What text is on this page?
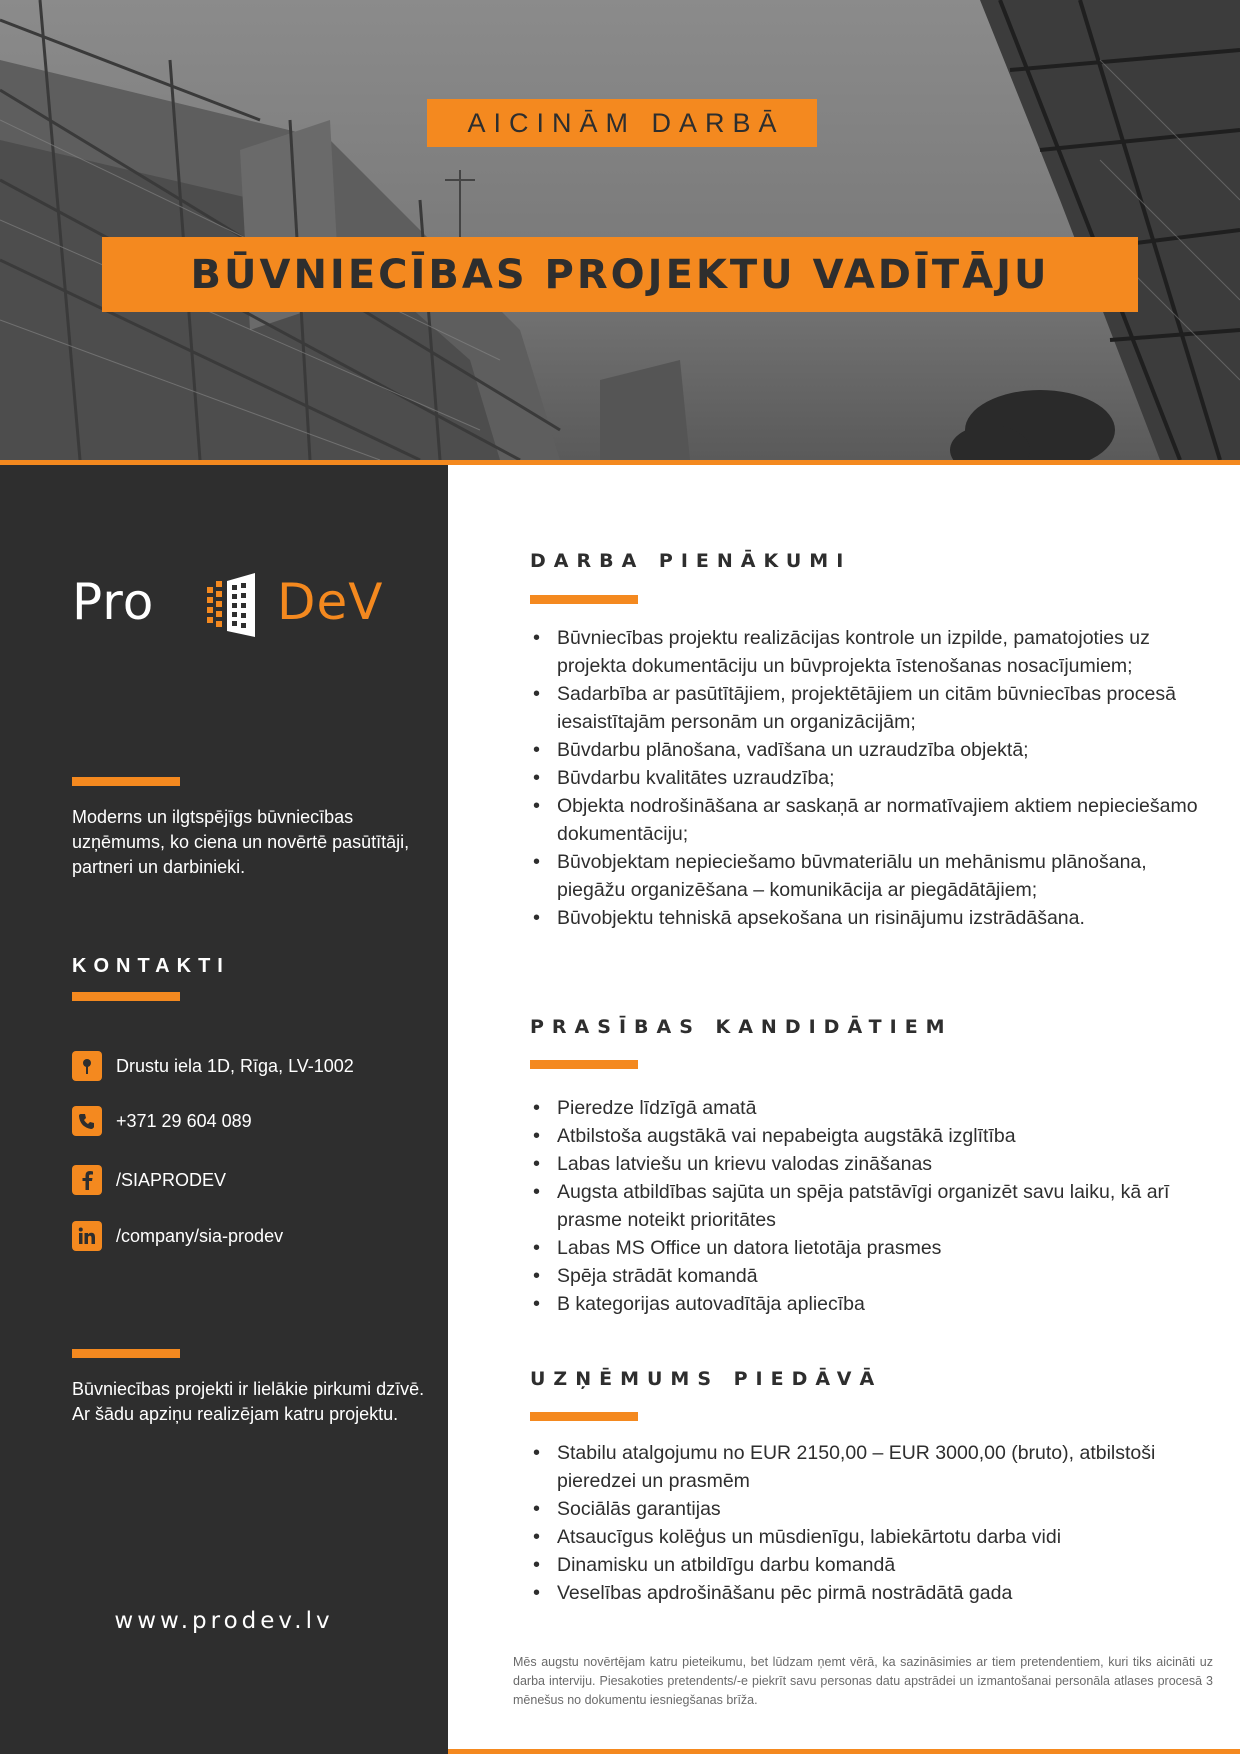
AICINĀM DARBĀ
BŪVNIECĪBAS PROJEKTU VADĪTĀJU
Pro DeV

Moderns un ilgtspējīgs būvniecības uzņēmums, ko ciena un novērtē pasūtītāji, partneri un darbinieki.

KONTAKTI
Drustu iela 1D, Rīga, LV-1002
+371 29 604 089
/SIAPRODEV
/company/sia-prodev

Būvniecības projekti ir lielākie pirkumi dzīvē. Ar šādu apziņu realizējam katru projektu.

www.prodev.lv
DARBA PIENĀKUMI
• Būvniecības projektu realizācijas kontrole un izpilde, pamatojoties uz projekta dokumentāciju un būvprojekta īstenošanas nosacījumiem;
• Sadarbība ar pasūtītājiem, projektētājiem un citām būvniecības procesā iesaistītajām personām un organizācijām;
• Būvdarbu plānošana, vadīšana un uzraudzība objektā;
• Būvdarbu kvalitātes uzraudzība;
• Objekta nodrošināšana ar saskaņā ar normatīvajiem aktiem nepieciešamo dokumentāciju;
• Būvobjektam nepieciešamo būvmateriālu un mehānismu plānošana, piegāžu organizēšana – komunikācija ar piegādātājiem;
• Būvobjektu tehniskā apsekošana un risinājumu izstrādāšana.
PRASĪBAS KANDIDĀTIEM
• Pieredze līdzīgā amatā
• Atbilstoša augstākā vai nepabeigta augstākā izglītība
• Labas latviešu un krievu valodas zināšanas
• Augsta atbildības sajūta un spēja patstāvīgi organizēt savu laiku, kā arī prasme noteikt prioritātes
• Labas MS Office un datora lietotāja prasmes
• Spēja strādāt komandā
• B kategorijas autovadītāja apliecība
UZŅĒMUMS PIEDĀVĀ
• Stabilu atalgojumu no EUR 2150,00 – EUR 3000,00 (bruto), atbilstoši pieredzei un prasmēm
• Sociālās garantijas
• Atsaucīgus kolēģus un mūsdienīgu, labiekārtotu darba vidi
• Dinamisku un atbildīgu darbu komandā
• Veselības apdrošināšanu pēc pirmā nostrādātā gada

Mēs augstu novērtējam katru pieteikumu, bet lūdzam ņemt vērā, ka sazināsimies ar tiem pretendentiem, kuri tiks aicināti uz darba interviju. Piesakoties pretendents/-e piekrīt savu personas datu apstrādei un izmantošanai personāla atlases procesā 3 mēnešus no dokumentu iesniegšanas brīža.
